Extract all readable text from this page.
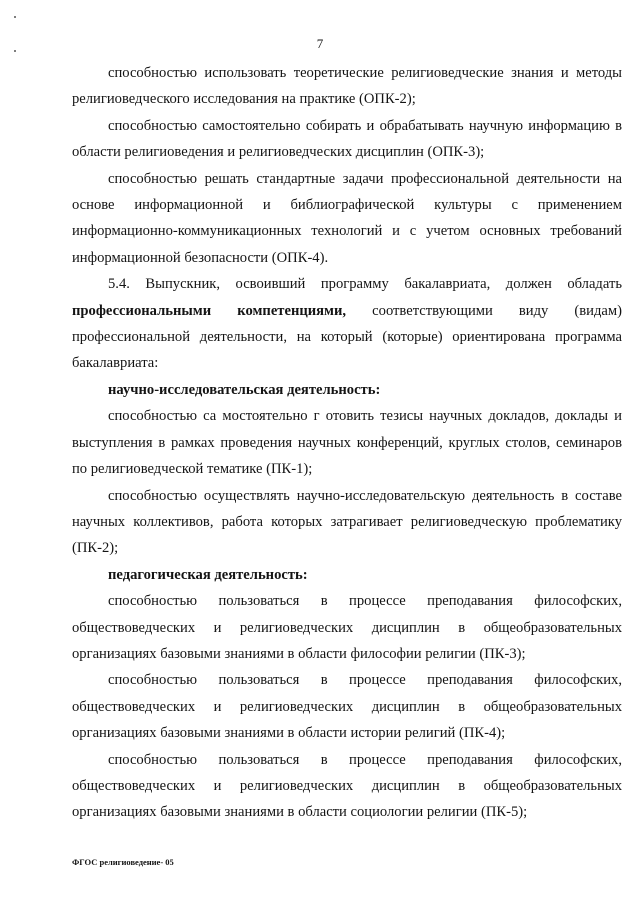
7

способностью использовать теоретические религиоведческие знания и методы религиоведческого исследования на практике (ОПК-2);

способностью самостоятельно собирать и обрабатывать научную информацию в области религиоведения и религиоведческих дисциплин (ОПК-3);

способностью решать стандартные задачи профессиональной деятельности на основе информационной и библиографической культуры с применением информационно-коммуникационных технологий и с учетом основных требований информационной безопасности (ОПК-4).

5.4. Выпускник, освоивший программу бакалавриата, должен обладать профессиональными компетенциями, соответствующими виду (видам) профессиональной деятельности, на который (которые) ориентирована программа бакалавриата:

научно-исследовательская деятельность:

способностью са мостоятельно г отовить тезисы научных докладов, доклады и выступления в рамках проведения научных конференций, круглых столов, семинаров по религиоведческой тематике (ПК-1);

способностью осуществлять научно-исследовательскую деятельность в составе научных коллективов, работа которых затрагивает религиоведческую проблематику (ПК-2);

педагогическая деятельность:

способностью пользоваться в процессе преподавания философских, обществоведческих и религиоведческих дисциплин в общеобразовательных организациях базовыми знаниями в области философии религии (ПК-3);

способностью пользоваться в процессе преподавания философских, обществоведческих и религиоведческих дисциплин в общеобразовательных организациях базовыми знаниями в области истории религий (ПК-4);

способностью пользоваться в процессе преподавания философских, обществоведческих и религиоведческих дисциплин в общеобразовательных организациях базовыми знаниями в области социологии религии (ПК-5);

ФГОС религиоведение- 05
